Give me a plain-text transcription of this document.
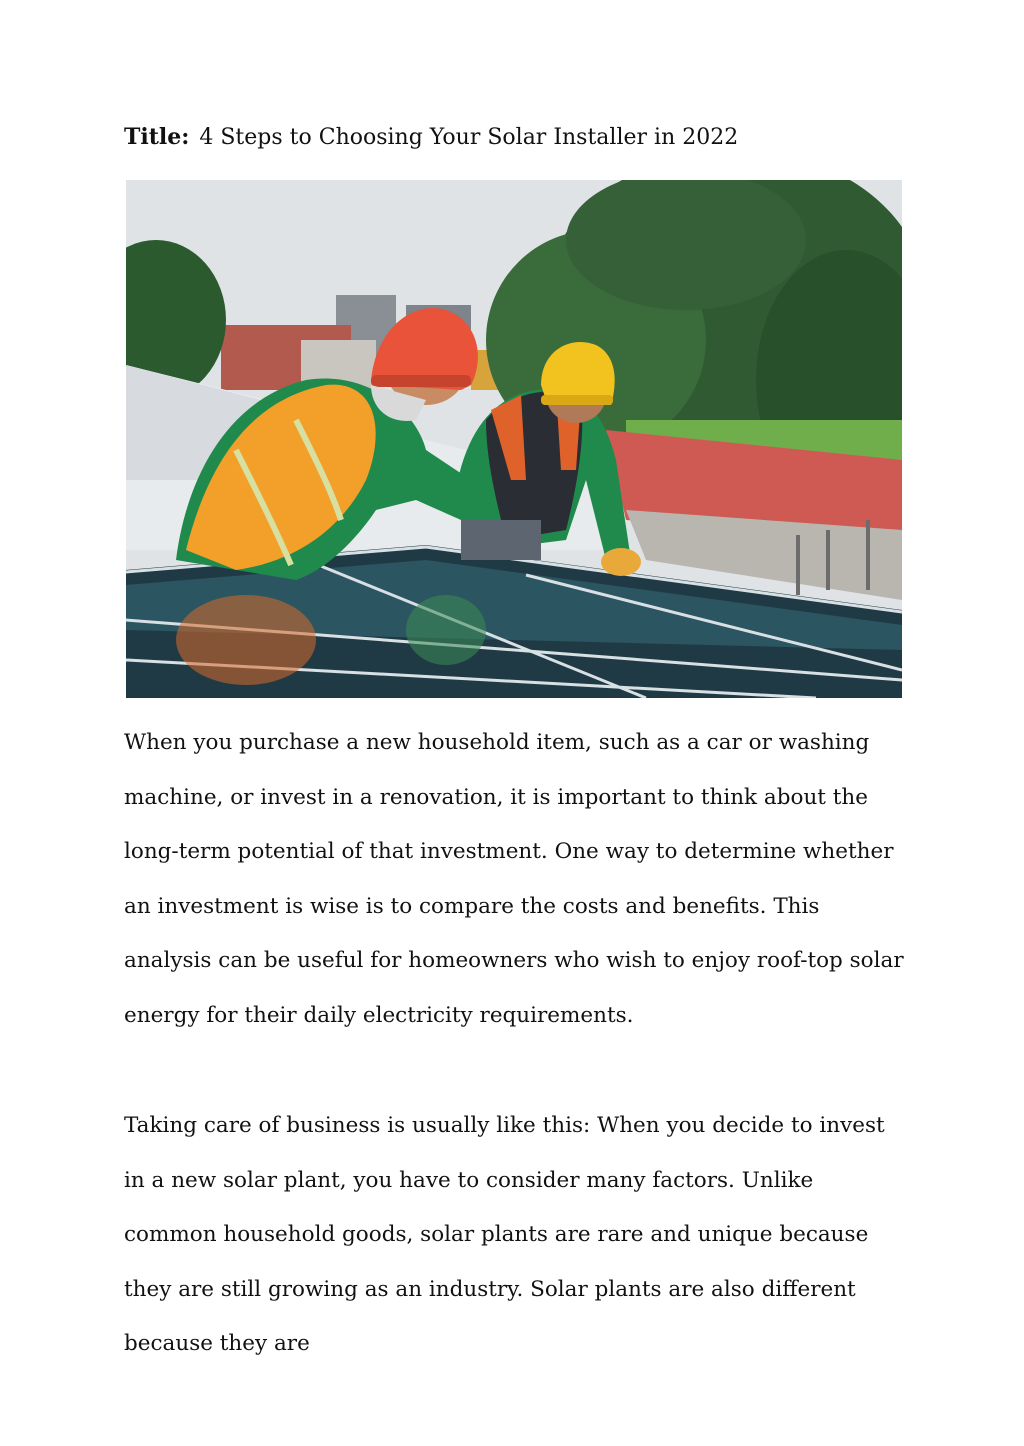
Title: 4 Steps to Choosing Your Solar Installer in 2022

When you purchase a new household item, such as a car or washing machine, or invest in a renovation, it is important to think about the long-term potential of that investment. One way to determine whether an investment is wise is to compare the costs and benefits. This analysis can be useful for homeowners who wish to enjoy roof-top solar energy for their daily electricity requirements.

Taking care of business is usually like this: When you decide to invest in a new solar plant, you have to consider many factors. Unlike common household goods, solar plants are rare and unique because they are still growing as an industry. Solar plants are also different because they are
